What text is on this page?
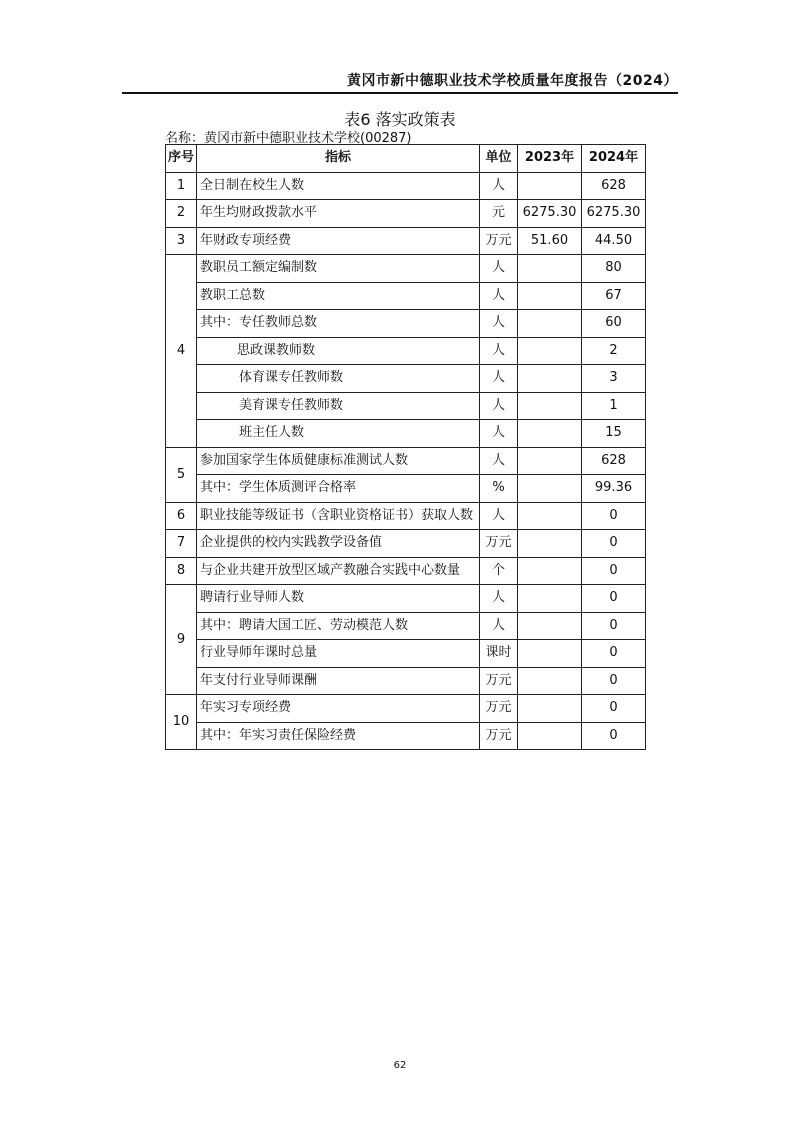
黄冈市新中德职业技术学校质量年度报告（2024）
表6 落实政策表
名称：黄冈市新中德职业技术学校(00287)
序号	指标	单位	2023年	2024年
1	全日制在校生人数	人		628
2	年生均财政拨款水平	元	6275.30	6275.30
3	年财政专项经费	万元	51.60	44.50
4	教职员工额定编制数	人		80
	教职工总数	人		67
	其中：专任教师总数	人		60
	思政课教师数	人		2
	体育课专任教师数	人		3
	美育课专任教师数	人		1
	班主任人数	人		15
5	参加国家学生体质健康标准测试人数	人		628
	其中：学生体质测评合格率	%		99.36
6	职业技能等级证书（含职业资格证书）获取人数	人		0
7	企业提供的校内实践教学设备值	万元		0
8	与企业共建开放型区域产教融合实践中心数量	个		0
9	聘请行业导师人数	人		0
	其中：聘请大国工匠、劳动模范人数	人		0
	行业导师年课时总量	课时		0
	年支付行业导师课酬	万元		0
10	年实习专项经费	万元		0
	其中：年实习责任保险经费	万元		0
62
